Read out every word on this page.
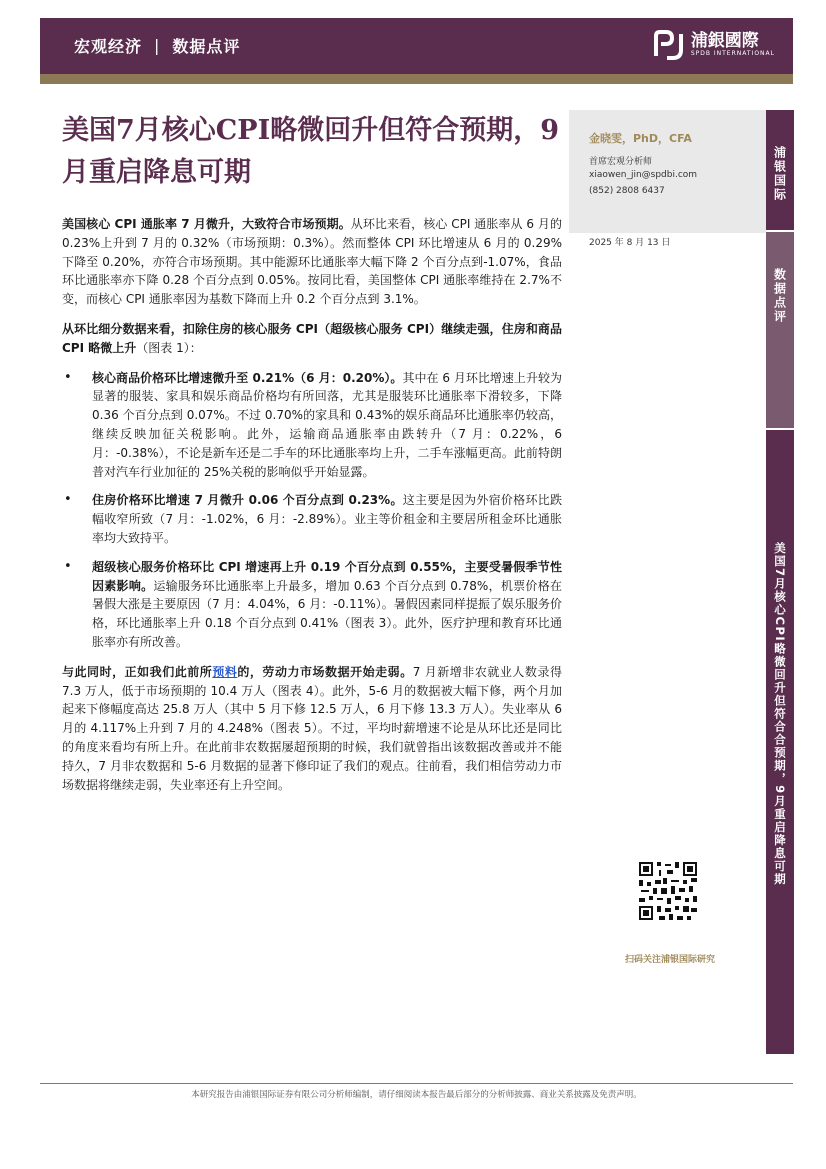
宏观经济 | 数据点评	浦銀國際
SPDB INTERNATIONAL
美国7月核心CPI略微回升但符合预期，9月重启降息可期
金晓雯，PhD，CFA
首席宏观分析师
xiaowen_jin@spdbi.com
(852) 2808 6437
2025 年 8 月 13 日
浦银国际
数据点评
美国7月核心CPI略微回升但符合合预期，9月重启降息可期
扫码关注浦银国际研究

美国核心 CPI 通胀率 7 月微升，大致符合市场预期。从环比来看，核心 CPI 通胀率从 6 月的 0.23%上升到 7 月的 0.32%（市场预期：0.3%）。然而整体 CPI 环比增速从 6 月的 0.29%下降至 0.20%，亦符合市场预期。其中能源环比通胀率大幅下降 2 个百分点到-1.07%，食品环比通胀率亦下降 0.28 个百分点到 0.05%。按同比看，美国整体 CPI 通胀率维持在 2.7%不变，而核心 CPI 通胀率因为基数下降而上升 0.2 个百分点到 3.1%。

从环比细分数据来看，扣除住房的核心服务 CPI（超级核心服务 CPI）继续走强，住房和商品 CPI 略微上升（图表 1）：

• 核心商品价格环比增速微升至 0.21%（6 月：0.20%）。其中在 6 月环比增速上升较为显著的服装、家具和娱乐商品价格均有所回落，尤其是服装环比通胀率下滑较多，下降 0.36 个百分点到 0.07%。不过 0.70%的家具和 0.43%的娱乐商品环比通胀率仍较高，继续反映加征关税影响。此外，运输商品通胀率由跌转升（7 月：0.22%，6 月：-0.38%），不论是新车还是二手车的环比通胀率均上升，二手车涨幅更高。此前特朗普对汽车行业加征的 25%关税的影响似乎开始显露。
• 住房价格环比增速 7 月微升 0.06 个百分点到 0.23%。这主要是因为外宿价格环比跌幅收窄所致（7 月：-1.02%，6 月：-2.89%）。业主等价租金和主要居所租金环比通胀率均大致持平。
• 超级核心服务价格环比 CPI 增速再上升 0.19 个百分点到 0.55%，主要受暑假季节性因素影响。运输服务环比通胀率上升最多，增加 0.63 个百分点到 0.78%，机票价格在暑假大涨是主要原因（7 月：4.04%，6 月：-0.11%）。暑假因素同样提振了娱乐服务价格，环比通胀率上升 0.18 个百分点到 0.41%（图表 3）。此外，医疗护理和教育环比通胀率亦有所改善。

与此同时，正如我们此前所预料的，劳动力市场数据开始走弱。7 月新增非农就业人数录得 7.3 万人，低于市场预期的 10.4 万人（图表 4）。此外，5-6 月的数据被大幅下修，两个月加起来下修幅度高达 25.8 万人（其中 5 月下修 12.5 万人，6 月下修 13.3 万人）。失业率从 6 月的 4.117%上升到 7 月的 4.248%（图表 5）。不过，平均时薪增速不论是从环比还是同比的角度来看均有所上升。在此前非农数据屡超预期的时候，我们就曾指出该数据改善或并不能持久，7 月非农数据和 5-6 月数据的显著下修印证了我们的观点。往前看，我们相信劳动力市场数据将继续走弱，失业率还有上升空间。

本研究报告由浦银国际证券有限公司分析师编制，请仔细阅读本报告最后部分的分析师披露、商业关系披露及免责声明。
